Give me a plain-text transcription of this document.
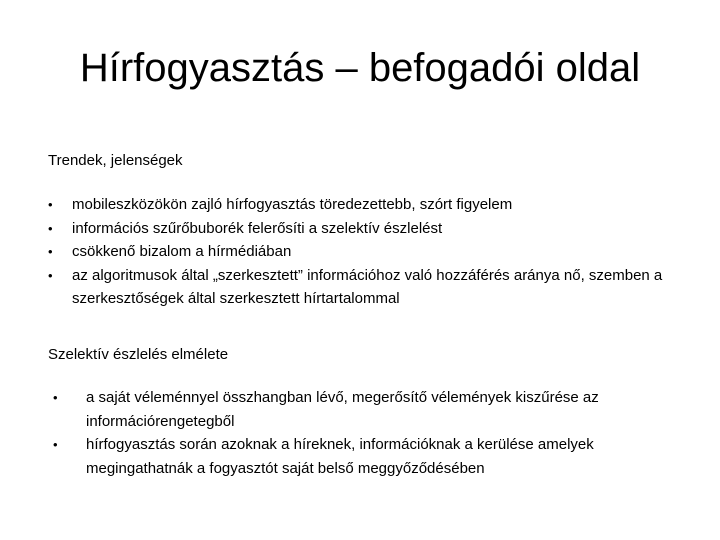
Hírfogyasztás – befogadói oldal
Trendek, jelenségek
• mobileszközökön zajló hírfogyasztás töredezettebb, szórt figyelem
• információs szűrőbuborék felerősíti a szelektív észlelést
• csökkenő bizalom a hírmédiában
• az algoritmusok által „szerkesztett” információhoz való hozzáférés aránya nő, szemben a szerkesztőségek által szerkesztett hírtartalommal
Szelektív észlelés elmélete
• a saját véleménnyel összhangban lévő, megerősítő vélemények kiszűrése az információrengetegből
• hírfogyasztás során azoknak a híreknek, információknak a kerülése amelyek megingathatnák a fogyasztót saját belső meggyőződésében
